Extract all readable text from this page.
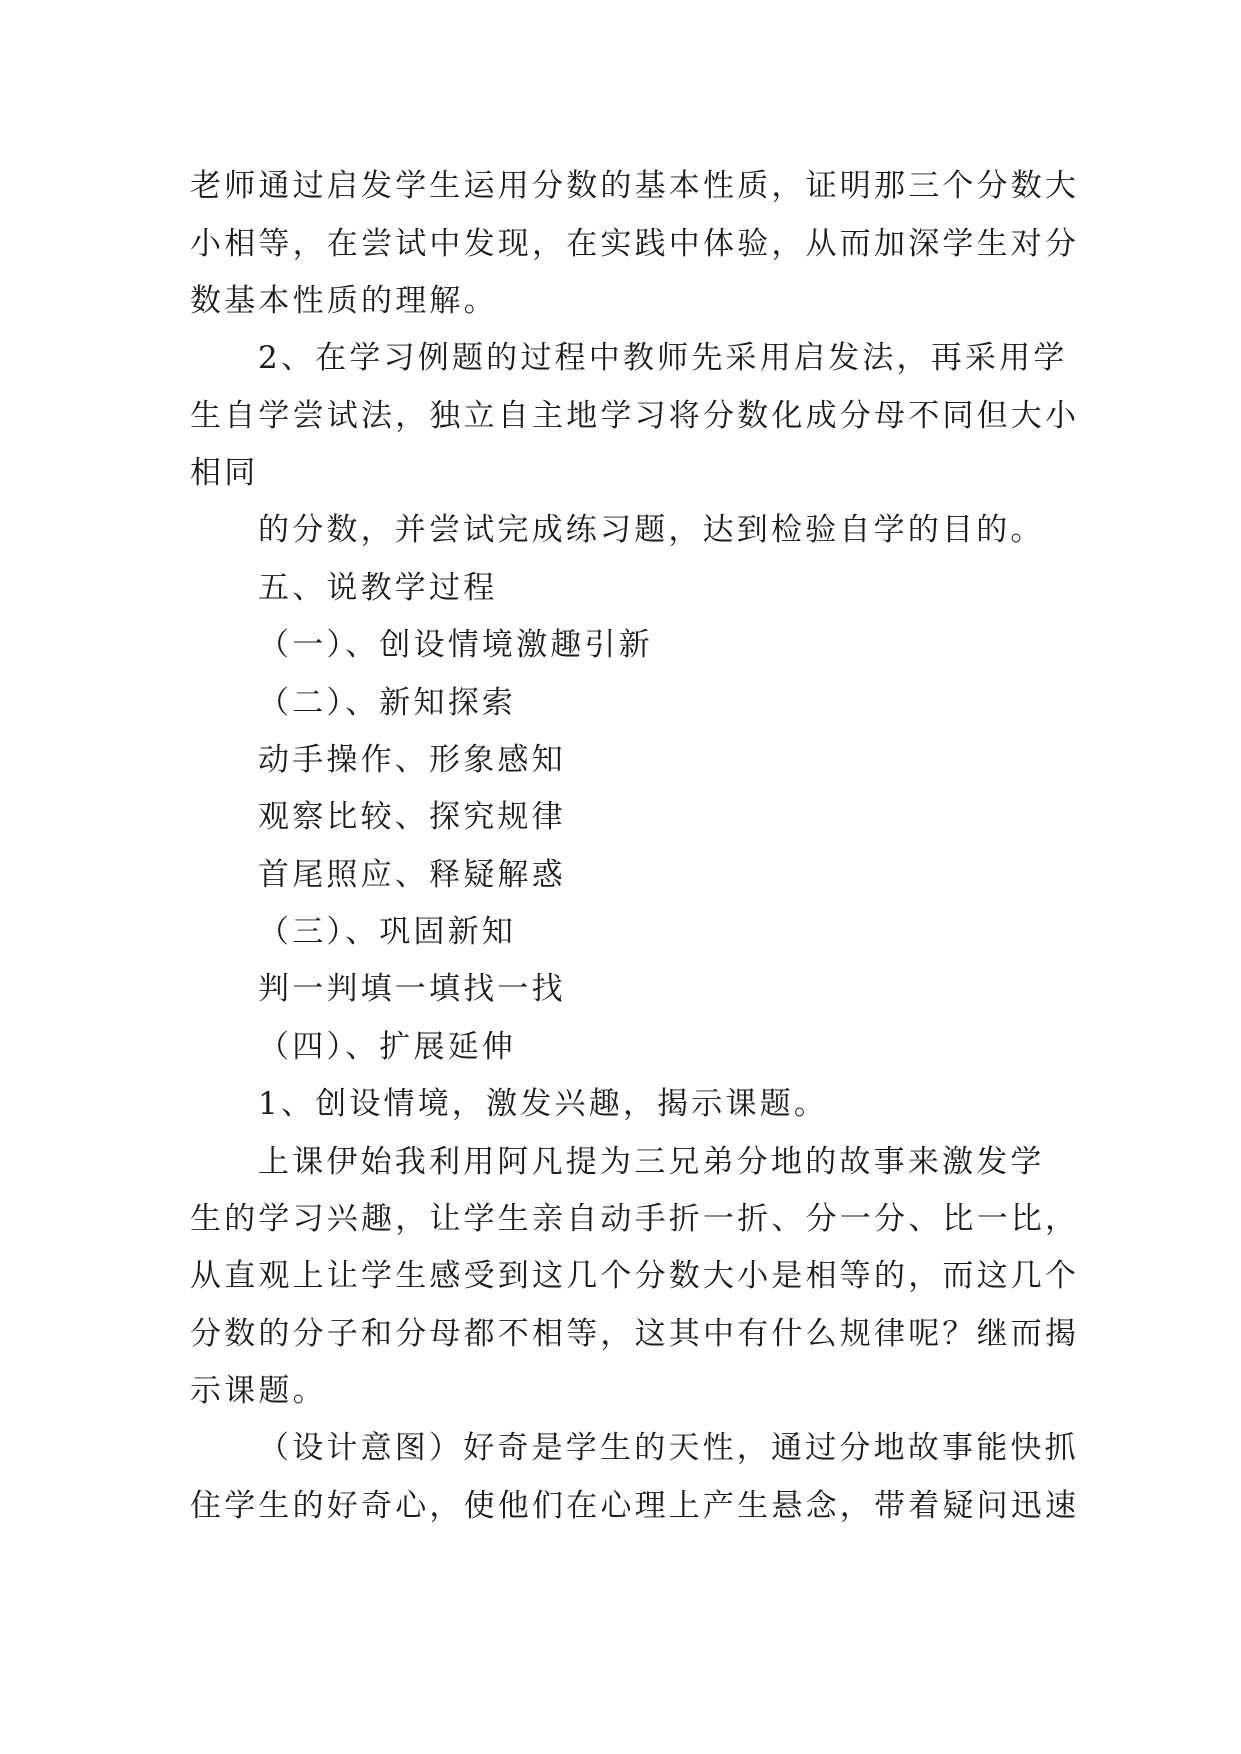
老师通过启发学生运用分数的基本性质，证明那三个分数大
小相等，在尝试中发现，在实践中体验，从而加深学生对分
数基本性质的理解。
2、在学习例题的过程中教师先采用启发法，再采用学
生自学尝试法，独立自主地学习将分数化成分母不同但大小
相同
的分数，并尝试完成练习题，达到检验自学的目的。
五、说教学过程
（一）、创设情境激趣引新
（二）、新知探索
动手操作、形象感知
观察比较、探究规律
首尾照应、释疑解惑
（三）、巩固新知
判一判填一填找一找
（四）、扩展延伸
1、创设情境，激发兴趣，揭示课题。
上课伊始我利用阿凡提为三兄弟分地的故事来激发学
生的学习兴趣，让学生亲自动手折一折、分一分、比一比，
从直观上让学生感受到这几个分数大小是相等的，而这几个
分数的分子和分母都不相等，这其中有什么规律呢？继而揭
示课题。
（设计意图）好奇是学生的天性，通过分地故事能快抓
住学生的好奇心，使他们在心理上产生悬念，带着疑问迅速
